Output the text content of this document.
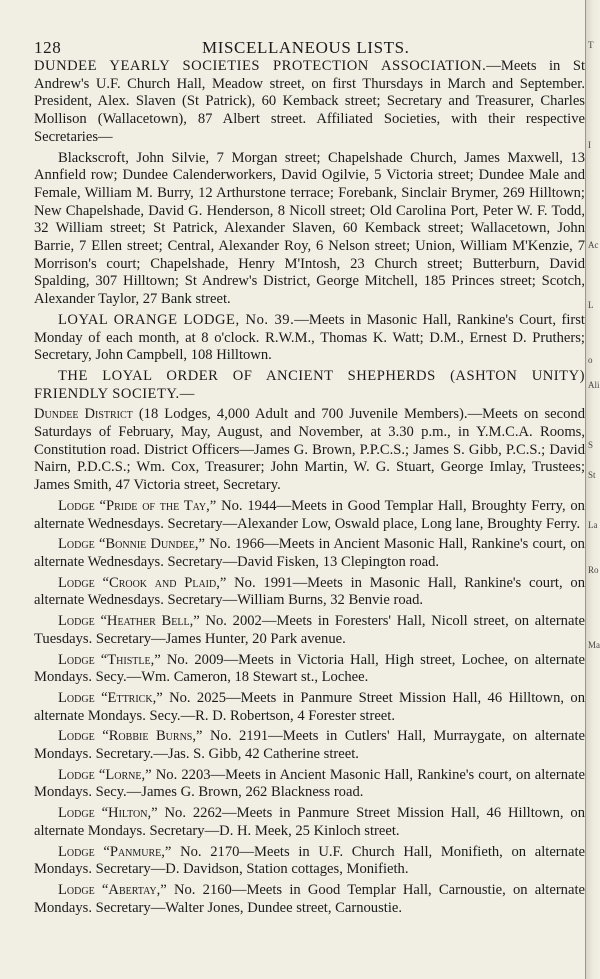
128	MISCELLANEOUS LISTS.

DUNDEE YEARLY SOCIETIES PROTECTION ASSOCIATION.—Meets in St Andrew's U.F. Church Hall, Meadow street, on first Thursdays in March and September. President, Alex. Slaven (St Patrick), 60 Kemback street; Secretary and Treasurer, Charles Mollison (Wallacetown), 87 Albert street. Affiliated Societies, with their respective Secretaries—

Blackscroft, John Silvie, 7 Morgan street; Chapelshade Church, James Maxwell, 13 Annfield row; Dundee Calenderworkers, David Ogilvie, 5 Victoria street; Dundee Male and Female, William M. Burry, 12 Arthurstone terrace; Forebank, Sinclair Brymer, 269 Hilltown; New Chapelshade, David G. Henderson, 8 Nicoll street; Old Carolina Port, Peter W. F. Todd, 32 William street; St Patrick, Alexander Slaven, 60 Kemback street; Wallacetown, John Barrie, 7 Ellen street; Central, Alexander Roy, 6 Nelson street; Union, William M'Kenzie, 7 Morrison's court; Chapelshade, Henry M'Intosh, 23 Church street; Butterburn, David Spalding, 307 Hilltown; St Andrew's District, George Mitchell, 185 Princes street; Scotch, Alexander Taylor, 27 Bank street.

LOYAL ORANGE LODGE, No. 39.—Meets in Masonic Hall, Rankine's Court, first Monday of each month, at 8 o'clock. R.W.M., Thomas K. Watt; D.M., Ernest D. Pruthers; Secretary, John Campbell, 108 Hilltown.

THE LOYAL ORDER OF ANCIENT SHEPHERDS (ASHTON UNITY) FRIENDLY SOCIETY.—

Dundee District (18 Lodges, 4,000 Adult and 700 Juvenile Members).—Meets on second Saturdays of February, May, August, and November, at 3.30 p.m., in Y.M.C.A. Rooms, Constitution road. District Officers—James G. Brown, P.P.C.S.; James S. Gibb, P.C.S.; David Nairn, P.D.C.S.; Wm. Cox, Treasurer; John Martin, W. G. Stuart, George Imlay, Trustees; James Smith, 47 Victoria street, Secretary.

Lodge “Pride of the Tay,” No. 1944—Meets in Good Templar Hall, Broughty Ferry, on alternate Wednesdays. Secretary—Alexander Low, Oswald place, Long lane, Broughty Ferry.

Lodge “Bonnie Dundee,” No. 1966—Meets in Ancient Masonic Hall, Rankine's court, on alternate Wednesdays. Secretary—David Fisken, 13 Clepington road.

Lodge “Crook and Plaid,” No. 1991—Meets in Masonic Hall, Rankine's court, on alternate Wednesdays. Secretary—William Burns, 32 Benvie road.

Lodge “Heather Bell,” No. 2002—Meets in Foresters' Hall, Nicoll street, on alternate Tuesdays. Secretary—James Hunter, 20 Park avenue.

Lodge “Thistle,” No. 2009—Meets in Victoria Hall, High street, Lochee, on alternate Mondays. Secy.—Wm. Cameron, 18 Stewart st., Lochee.

Lodge “Ettrick,” No. 2025—Meets in Panmure Street Mission Hall, 46 Hilltown, on alternate Mondays. Secy.—R. D. Robertson, 4 Forester street.

Lodge “Robbie Burns,” No. 2191—Meets in Cutlers' Hall, Murraygate, on alternate Mondays. Secretary.—Jas. S. Gibb, 42 Catherine street.

Lodge “Lorne,” No. 2203—Meets in Ancient Masonic Hall, Rankine's court, on alternate Mondays. Secy.—James G. Brown, 262 Blackness road.

Lodge “Hilton,” No. 2262—Meets in Panmure Street Mission Hall, 46 Hilltown, on alternate Mondays. Secretary—D. H. Meek, 25 Kinloch street.

Lodge “Panmure,” No. 2170—Meets in U.F. Church Hall, Monifieth, on alternate Mondays. Secretary—D. Davidson, Station cottages, Monifieth.

Lodge “Abertay,” No. 2160—Meets in Good Templar Hall, Carnoustie, on alternate Mondays. Secretary—Walter Jones, Dundee street, Carnoustie.

T
I
Ac
L
o
Ali
S
St
La
Ro
Ma
